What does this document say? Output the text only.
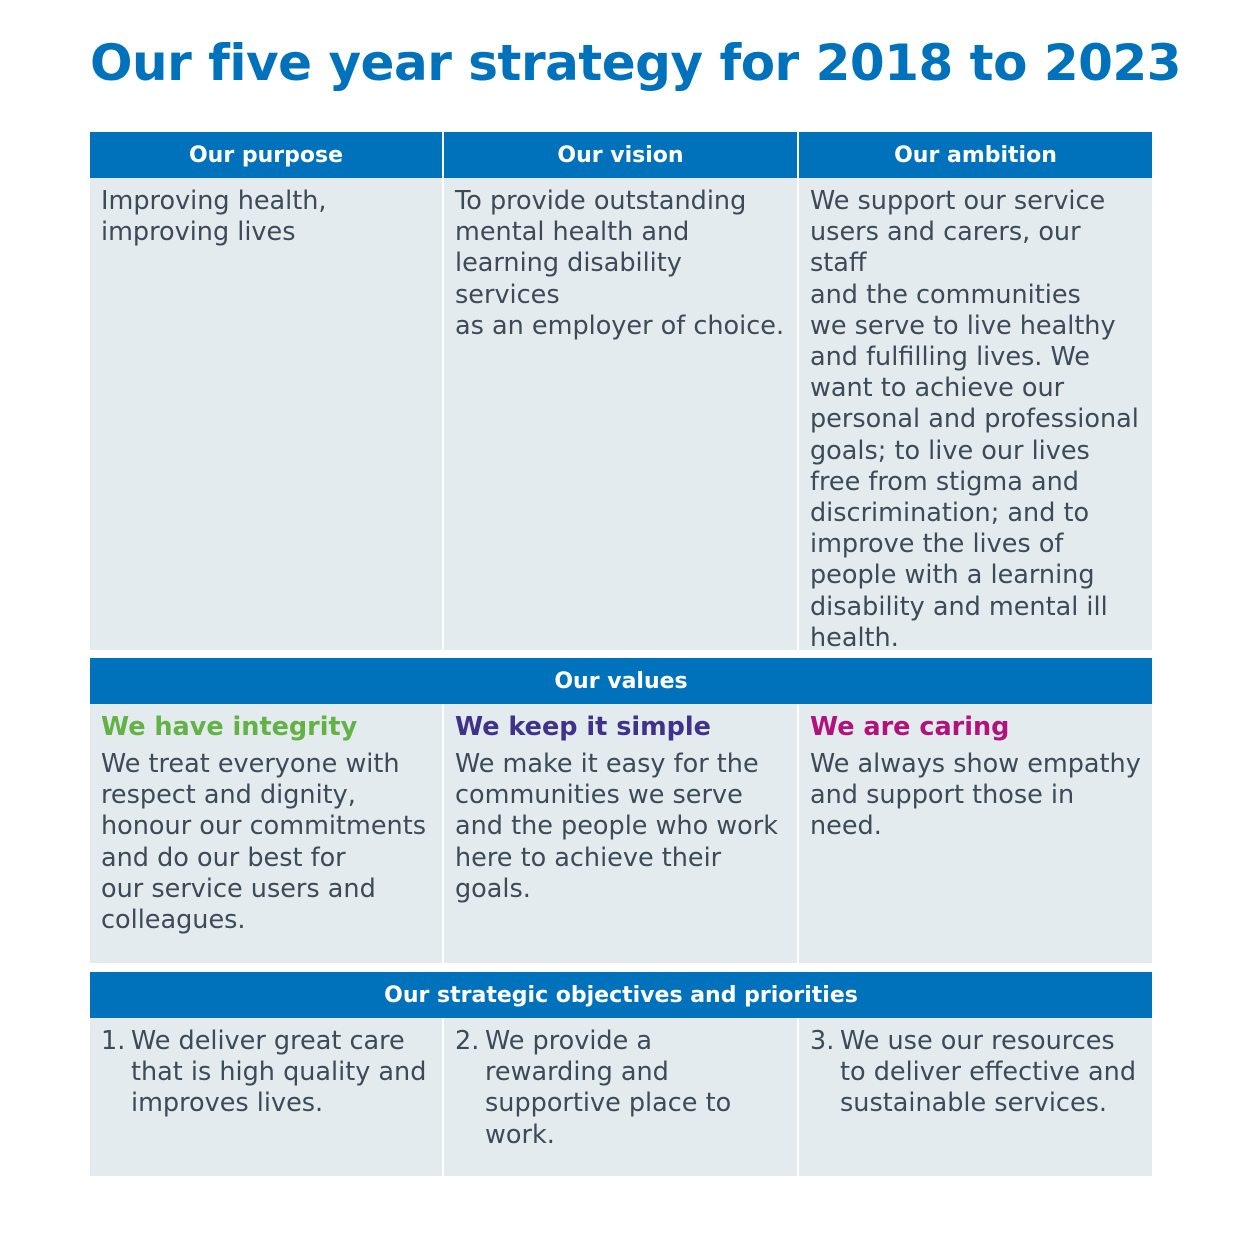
Our five year strategy for 2018 to 2023
Our purpose	Our vision	Our ambition
Improving health,
improving lives
To provide outstanding
mental health and
learning disability services
as an employer of choice.
We support our service
users and carers, our staff
and the communities
we serve to live healthy
and fulfilling lives. We
want to achieve our
personal and professional
goals; to live our lives
free from stigma and
discrimination; and to
improve the lives of
people with a learning
disability and mental ill
health.
Our values
We have integrity
We treat everyone with
respect and dignity,
honour our commitments
and do our best for
our service users and
colleagues.
We keep it simple
We make it easy for the
communities we serve
and the people who work
here to achieve their
goals.
We are caring
We always show empathy
and support those in
need.
Our strategic objectives and priorities
1. We deliver great care
that is high quality and
improves lives.
2. We provide a
rewarding and
supportive place to
work.
3. We use our resources
to deliver effective and
sustainable services.
